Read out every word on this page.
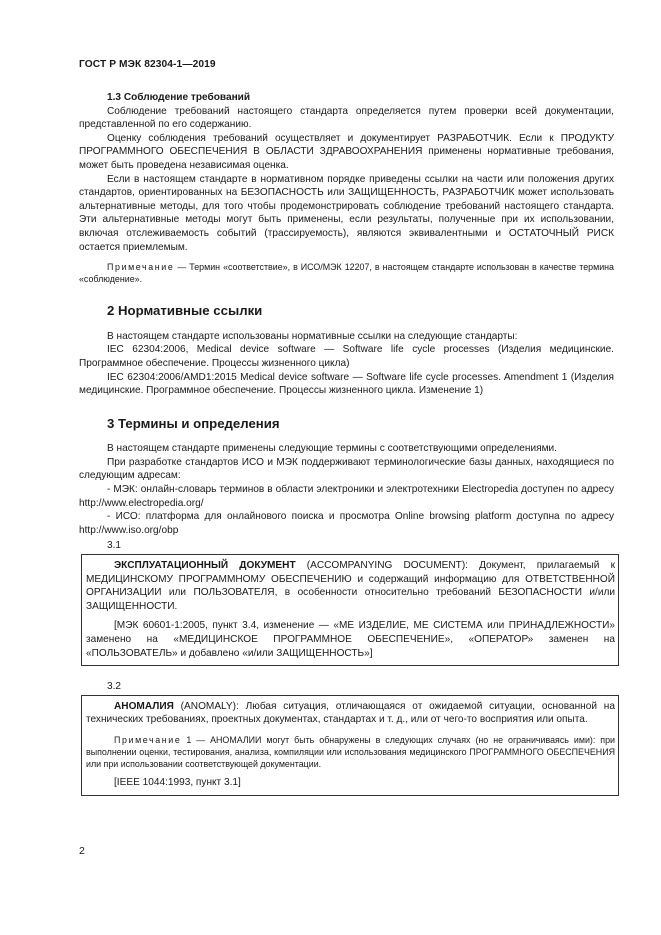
ГОСТ Р МЭК 82304-1—2019

1.3 Соблюдение требований

Соблюдение требований настоящего стандарта определяется путем проверки всей документации, представленной по его содержанию.

Оценку соблюдения требований осуществляет и документирует РАЗРАБОТЧИК. Если к ПРОДУКТУ ПРОГРАММНОГО ОБЕСПЕЧЕНИЯ В ОБЛАСТИ ЗДРАВООХРАНЕНИЯ применены нормативные требования, может быть проведена независимая оценка.

Если в настоящем стандарте в нормативном порядке приведены ссылки на части или положения других стандартов, ориентированных на БЕЗОПАСНОСТЬ или ЗАЩИЩЕННОСТЬ, РАЗРАБОТЧИК может использовать альтернативные методы, для того чтобы продемонстрировать соблюдение требований настоящего стандарта. Эти альтернативные методы могут быть применены, если результаты, полученные при их использовании, включая отслеживаемость событий (трассируемость), являются эквивалентными и ОСТАТОЧНЫЙ РИСК остается приемлемым.

Примечание — Термин «соответствие», в ИСО/МЭК 12207, в настоящем стандарте использован в качестве термина «соблюдение».

2 Нормативные ссылки

В настоящем стандарте использованы нормативные ссылки на следующие стандарты:

IEC 62304:2006, Medical device software — Software life cycle processes (Изделия медицинские. Программное обеспечение. Процессы жизненного цикла)

IEC 62304:2006/AMD1:2015 Medical device software — Software life cycle processes. Amendment 1 (Изделия медицинские. Программное обеспечение. Процессы жизненного цикла. Изменение 1)

3 Термины и определения

В настоящем стандарте применены следующие термины с соответствующими определениями.

При разработке стандартов ИСО и МЭК поддерживают терминологические базы данных, находящиеся по следующим адресам:

- МЭК: онлайн-словарь терминов в области электроники и электротехники Electropedia доступен по адресу http://www.electropedia.org/

- ИСО: платформа для онлайнового поиска и просмотра Online browsing platform доступна по адресу http://www.iso.org/obp

3.1

ЭКСПЛУАТАЦИОННЫЙ ДОКУМЕНТ (ACCOMPANYING DOCUMENT): Документ, прилагаемый к МЕДИЦИНСКОМУ ПРОГРАММНОМУ ОБЕСПЕЧЕНИЮ и содержащий информацию для ОТВЕТСТВЕННОЙ ОРГАНИЗАЦИИ или ПОЛЬЗОВАТЕЛЯ, в особенности относительно требований БЕЗОПАСНОСТИ и/или ЗАЩИЩЕННОСТИ.

[МЭК 60601-1:2005, пункт 3.4, изменение — «МЕ ИЗДЕЛИЕ, МЕ СИСТЕМА или ПРИНАДЛЕЖНОСТИ» заменено на «МЕДИЦИНСКОЕ ПРОГРАММНОЕ ОБЕСПЕЧЕНИЕ», «ОПЕРАТОР» заменен на «ПОЛЬЗОВАТЕЛЬ» и добавлено «и/или ЗАЩИЩЕННОСТЬ»]

3.2

АНОМАЛИЯ (ANOMALY): Любая ситуация, отличающаяся от ожидаемой ситуации, основанной на технических требованиях, проектных документах, стандартах и т. д., или от чего-то восприятия или опыта.

Примечание 1 — АНОМАЛИИ могут быть обнаружены в следующих случаях (но не ограничиваясь ими): при выполнении оценки, тестирования, анализа, компиляции или использования медицинского ПРОГРАММНОГО ОБЕСПЕЧЕНИЯ или при использовании соответствующей документации.

[IEEE 1044:1993, пункт 3.1]

2
